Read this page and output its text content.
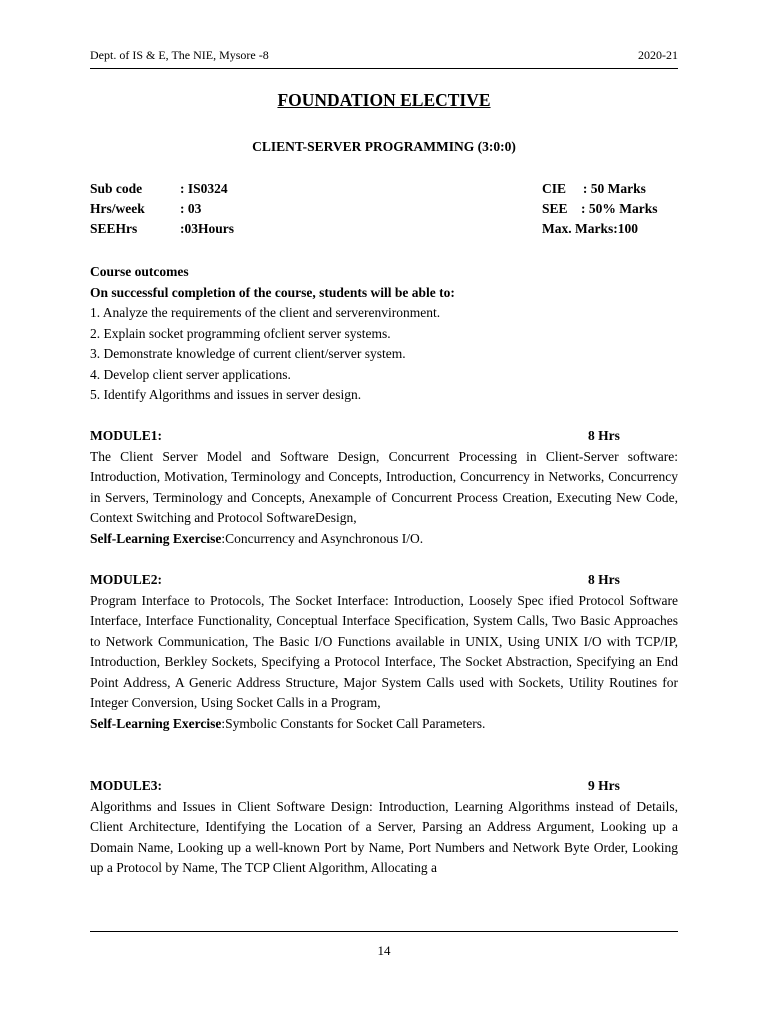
Dept. of IS & E, The NIE, Mysore -8	2020-21
FOUNDATION ELECTIVE
CLIENT-SERVER PROGRAMMING (3:0:0)
Sub code	: IS0324	CIE     : 50 Marks
Hrs/week	: 03	SEE    : 50% Marks
SEEHrs	:03Hours	Max. Marks:100
Course outcomes
On successful completion of the course, students will be able to:
1. Analyze the requirements of the client and serverenvironment.
2. Explain socket programming ofclient server systems.
3. Demonstrate knowledge of current client/server system.
4. Develop client server applications.
5. Identify Algorithms and issues in server design.
MODULE1:	8 Hrs
The Client Server Model and Software Design, Concurrent Processing in Client-Server software: Introduction, Motivation, Terminology and Concepts, Introduction, Concurrency in Networks, Concurrency in Servers, Terminology and Concepts, Anexample of Concurrent Process Creation, Executing New Code, Context Switching and Protocol SoftwareDesign,
Self-Learning Exercise:Concurrency and Asynchronous I/O.
MODULE2:	8 Hrs
Program Interface to Protocols, The Socket Interface: Introduction, Loosely Spec ified Protocol Software Interface, Interface Functionality, Conceptual Interface Specification, System Calls, Two Basic Approaches to Network Communication, The Basic I/O Functions available in UNIX, Using UNIX I/O with TCP/IP, Introduction, Berkley Sockets, Specifying a Protocol Interface, The Socket Abstraction, Specifying an End Point Address, A Generic Address Structure, Major System Calls used with Sockets, Utility Routines for Integer Conversion, Using Socket Calls in a Program,
Self-Learning Exercise:Symbolic Constants for Socket Call Parameters.
MODULE3:	9 Hrs
Algorithms and Issues in Client Software Design: Introduction, Learning Algorithms instead of Details, Client Architecture, Identifying the Location of a Server, Parsing an Address Argument, Looking up a Domain Name, Looking up a well-known Port by Name, Port Numbers and Network Byte Order, Looking up a Protocol by Name, The TCP Client Algorithm, Allocating a
14
